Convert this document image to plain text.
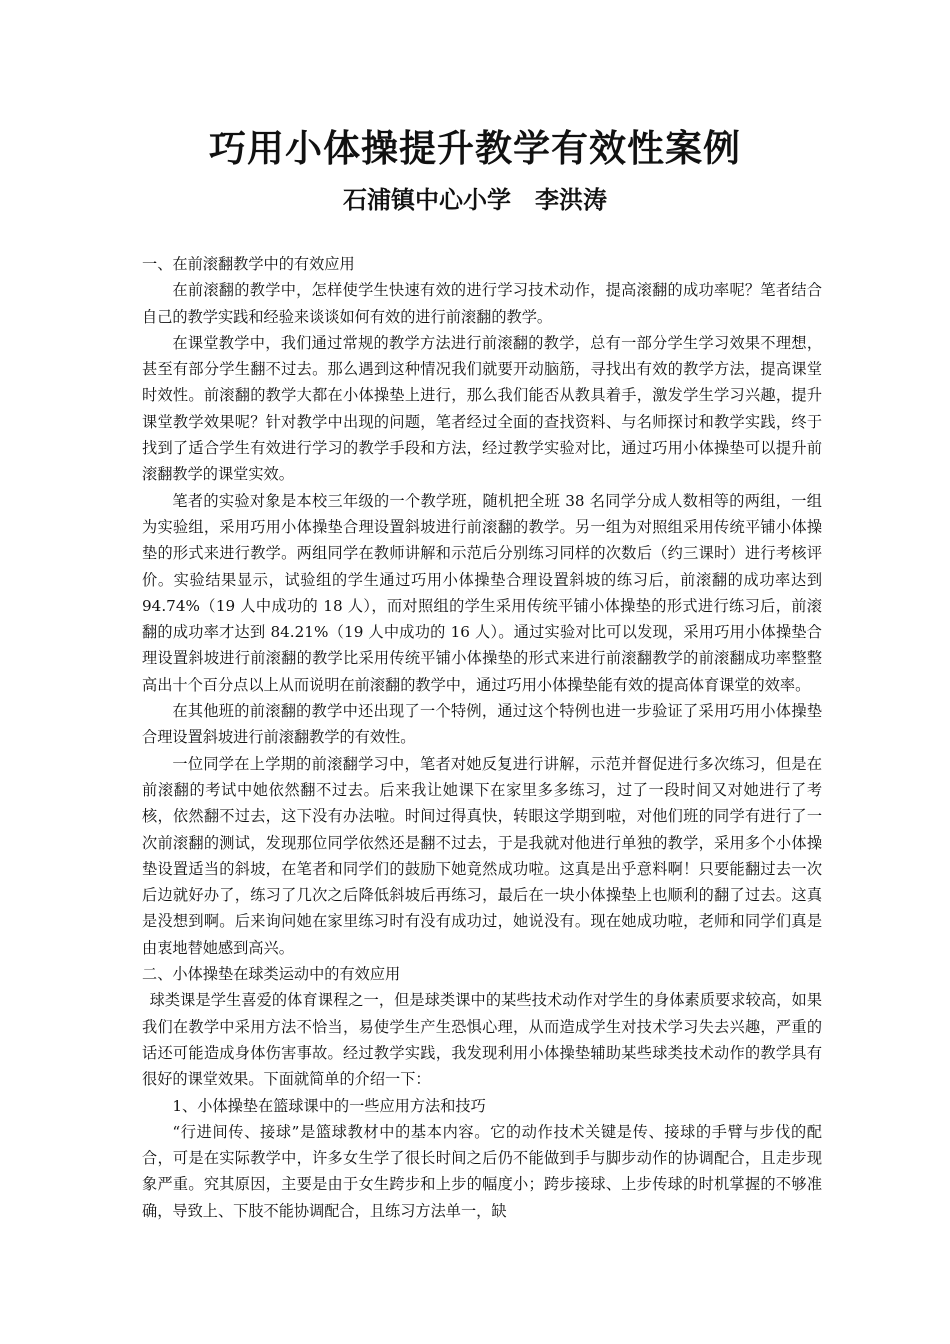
巧用小体操提升教学有效性案例
石浦镇中心小学　李洪涛

一、在前滚翻教学中的有效应用

在前滚翻的教学中，怎样使学生快速有效的进行学习技术动作，提高滚翻的成功率呢？笔者结合自己的教学实践和经验来谈谈如何有效的进行前滚翻的教学。

在课堂教学中，我们通过常规的教学方法进行前滚翻的教学，总有一部分学生学习效果不理想，甚至有部分学生翻不过去。那么遇到这种情况我们就要开动脑筋，寻找出有效的教学方法，提高课堂时效性。前滚翻的教学大都在小体操垫上进行，那么我们能否从教具着手，激发学生学习兴趣，提升课堂教学效果呢？针对教学中出现的问题，笔者经过全面的查找资料、与名师探讨和教学实践，终于找到了适合学生有效进行学习的教学手段和方法，经过教学实验对比，通过巧用小体操垫可以提升前滚翻教学的课堂实效。

笔者的实验对象是本校三年级的一个教学班，随机把全班 38 名同学分成人数相等的两组，一组为实验组，采用巧用小体操垫合理设置斜坡进行前滚翻的教学。另一组为对照组采用传统平铺小体操垫的形式来进行教学。两组同学在教师讲解和示范后分别练习同样的次数后（约三课时）进行考核评价。实验结果显示，试验组的学生通过巧用小体操垫合理设置斜坡的练习后，前滚翻的成功率达到 94.74%（19 人中成功的 18 人），而对照组的学生采用传统平铺小体操垫的形式进行练习后，前滚翻的成功率才达到 84.21%（19 人中成功的 16 人）。通过实验对比可以发现，采用巧用小体操垫合理设置斜坡进行前滚翻的教学比采用传统平铺小体操垫的形式来进行前滚翻教学的前滚翻成功率整整高出十个百分点以上从而说明在前滚翻的教学中，通过巧用小体操垫能有效的提高体育课堂的效率。

在其他班的前滚翻的教学中还出现了一个特例，通过这个特例也进一步验证了采用巧用小体操垫合理设置斜坡进行前滚翻教学的有效性。

一位同学在上学期的前滚翻学习中，笔者对她反复进行讲解，示范并督促进行多次练习，但是在前滚翻的考试中她依然翻不过去。后来我让她课下在家里多多练习，过了一段时间又对她进行了考核，依然翻不过去，这下没有办法啦。时间过得真快，转眼这学期到啦，对他们班的同学有进行了一次前滚翻的测试，发现那位同学依然还是翻不过去，于是我就对他进行单独的教学，采用多个小体操垫设置适当的斜坡，在笔者和同学们的鼓励下她竟然成功啦。这真是出乎意料啊！只要能翻过去一次后边就好办了，练习了几次之后降低斜坡后再练习，最后在一块小体操垫上也顺利的翻了过去。这真是没想到啊。后来询问她在家里练习时有没有成功过，她说没有。现在她成功啦，老师和同学们真是由衷地替她感到高兴。

二、小体操垫在球类运动中的有效应用

球类课是学生喜爱的体育课程之一，但是球类课中的某些技术动作对学生的身体素质要求较高，如果我们在教学中采用方法不恰当，易使学生产生恐惧心理，从而造成学生对技术学习失去兴趣，严重的话还可能造成身体伤害事故。经过教学实践，我发现利用小体操垫辅助某些球类技术动作的教学具有很好的课堂效果。下面就简单的介绍一下：

1、小体操垫在篮球课中的一些应用方法和技巧

“行进间传、接球”是篮球教材中的基本内容。它的动作技术关键是传、接球的手臂与步伐的配合，可是在实际教学中，许多女生学了很长时间之后仍不能做到手与脚步动作的协调配合，且走步现象严重。究其原因，主要是由于女生跨步和上步的幅度小；跨步接球、上步传球的时机掌握的不够准确，导致上、下肢不能协调配合，且练习方法单一，缺
